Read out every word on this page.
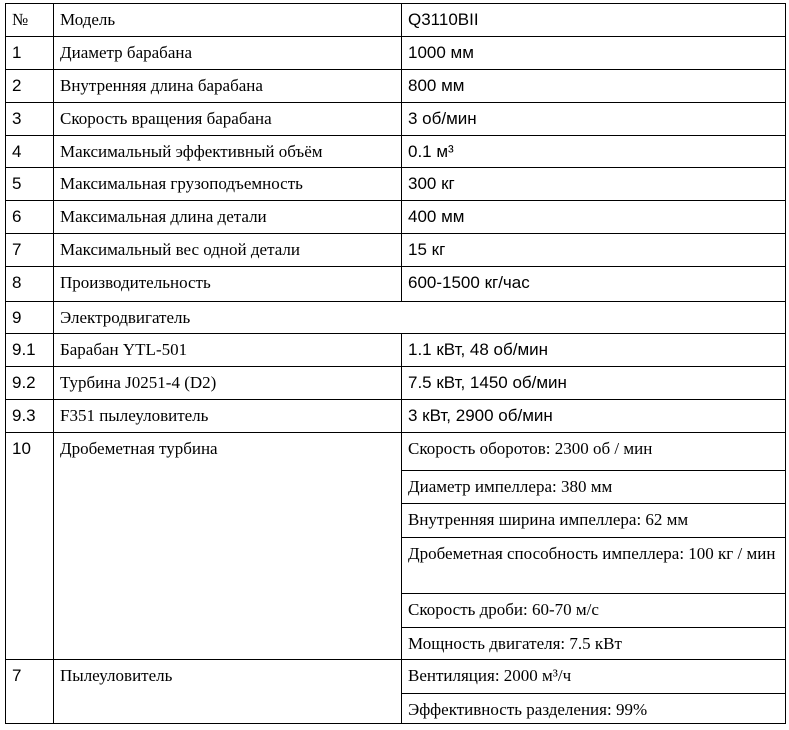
№	Модель	Q3110BII
1	Диаметр барабана	1000 мм
2	Внутренняя длина барабана	800 мм
3	Скорость вращения барабана	3 об/мин
4	Максимальный эффективный объём	0.1 м³
5	Максимальная грузоподъемность	300 кг
6	Максимальная длина детали	400 мм
7	Максимальный вес одной детали	15 кг
8	Производительность	600-1500 кг/час
9	Электродвигатель	
9.1	Барабан YTL-501	1.1 кВт, 48 об/мин
9.2	Турбина J0251-4 (D2)	7.5 кВт, 1450 об/мин
9.3	F351 пылеуловитель	3 кВт, 2900 об/мин
10	Дробеметная турбина	Скорость оборотов: 2300 об / мин
		Диаметр импеллера: 380 мм
		Внутренняя ширина импеллера: 62 мм
		Дробеметная способность импеллера: 100 кг / мин
		Скорость дроби: 60-70 м/с
		Мощность двигателя: 7.5 кВт
7	Пылеуловитель	Вентиляция: 2000 м³/ч
		Эффективность разделения: 99%
